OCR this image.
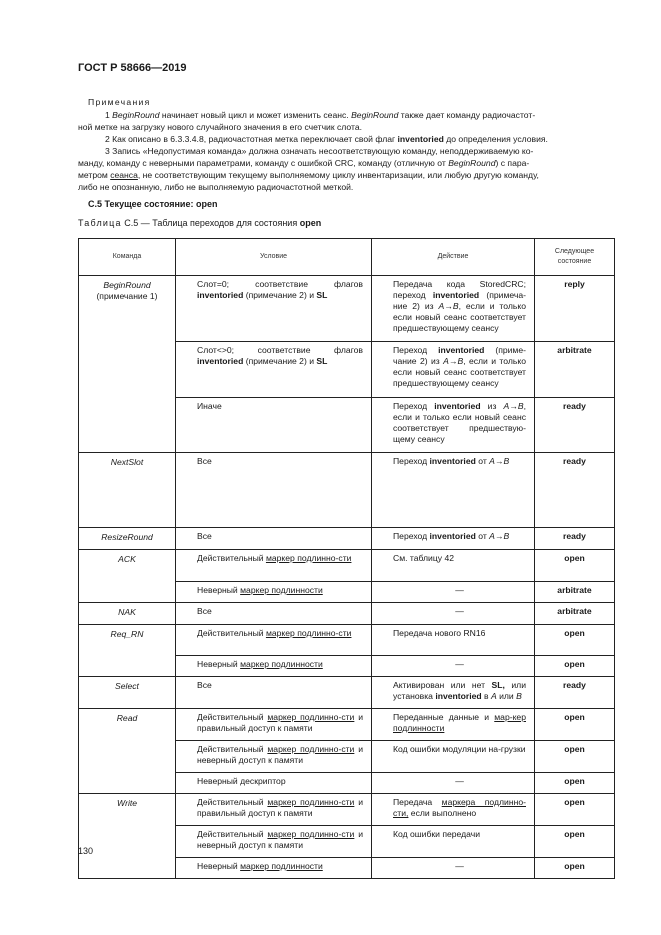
ГОСТ Р 58666—2019
Примечания

1 BeginRound начинает новый цикл и может изменить сеанс. BeginRound также дает команду радиочастот-

ной метке на загрузку нового случайного значения в его счетчик слота.

2 Как описано в 6.3.3.4.8, радиочастотная метка переключает свой флаг inventoried до определения условия.

3 Запись «Недопустимая команда» должна означать несоответствующую команду, неподдерживаемую ко-

манду, команду с неверными параметрами, команду с ошибкой CRC, команду (отличную от BeginRound) с пара-

метром сеанса, не соответствующим текущему выполняемому циклу инвентаризации, или любую другую команду,

либо не опознанную, либо не выполняемую радиочастотной меткой.

С.5 Текущее состояние: open
Таблица С.5 — Таблица переходов для состояния open
Команда	Условие	Действие	Следующее состояние

BeginRound
(примечание 1)	Слот=0; соответствие флагов inventoried (примечание 2) и SL	Передача кода StoredCRC; переход inventoried (примеча-ние 2) из A→B, если и только если новый сеанс соответствует предшествующему сеансу	reply
	Слот<>0; соответствие флагов inventoried (примечание 2) и SL	Переход inventoried (приме-чание 2) из A→B, если и только если новый сеанс соответствует предшествующему сеансу	arbitrate
	Иначе	Переход inventoried из A→B, если и только если новый сеанс соответствует предшествую-щему сеансу	ready
NextSlot	Все	Переход inventoried от A→B	ready
ResizeRound	Все	Переход inventoried от A→B	ready
ACK	Действительный маркер подлинно-сти	См. таблицу 42	open
	Неверный маркер подлинности	—	arbitrate
NAK	Все	—	arbitrate
Req_RN	Действительный маркер подлинно-сти	Передача нового RN16	open
	Неверный маркер подлинности	—	open
Select	Все	Активирован или нет SL, или установка inventoried в A или B	ready
Read	Действительный маркер подлинно-сти и правильный доступ к памяти	Переданные данные и мар-кер подлинности	open
	Действительный маркер подлинно-сти и неверный доступ к памяти	Код ошибки модуляции на-грузки	open
	Неверный дескриптор	—	open
Write	Действительный маркер подлинно-сти и правильный доступ к памяти	Передача маркера подлинно-сти, если выполнено	open
	Действительный маркер подлинно-сти и неверный доступ к памяти	Код ошибки передачи	open
	Неверный маркер подлинности	—	open
130
